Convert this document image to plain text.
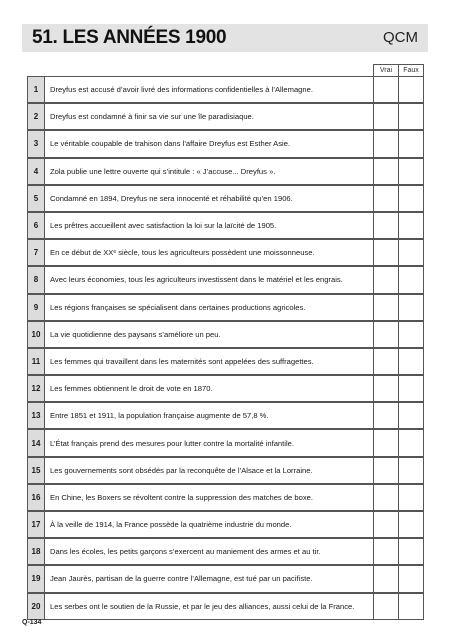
51. LES ANNÉES 1900	QCM
		Vrai	Faux
1	Dreyfus est accusé d’avoir livré des informations confidentielles à l’Allemagne.		

2	Dreyfus est condamné à finir sa vie sur une île paradisiaque.		

3	Le véritable coupable de trahison dans l’affaire Dreyfus est Esther Asie.		

4	Zola publie une lettre ouverte qui s’intitule : « J’accuse... Dreyfus ».		

5	Condamné en 1894, Dreyfus ne sera innocenté et réhabilité qu’en 1906.		

6	Les prêtres accueillent avec satisfaction la loi sur la laïcité de 1905.		

7	En ce début de XXᵉ siècle, tous les agriculteurs possèdent une moissonneuse.		

8	Avec leurs économies, tous les agriculteurs investissent dans le matériel et les engrais.		

9	Les régions françaises se spécialisent dans certaines productions agricoles.		

10	La vie quotidienne des paysans s’améliore un peu.		

11	Les femmes qui travaillent dans les maternités sont appelées des suffragettes.		

12	Les femmes obtiennent le droit de vote en 1870.		

13	Entre 1851 et 1911, la population française augmente de 57,8 %.		

14	L’État français prend des mesures pour lutter contre la mortalité infantile.		

15	Les gouvernements sont obsédés par la reconquête de l’Alsace et la Lorraine.		

16	En Chine, les Boxers se révoltent contre la suppression des matches de boxe.		

17	À la veille de 1914, la France possède la quatrième industrie du monde.		

18	Dans les écoles, les petits garçons s’exercent au maniement des armes et au tir.		

19	Jean Jaurès, partisan de la guerre contre l’Allemagne, est tué par un pacifiste.		

20	Les serbes ont le soutien de la Russie, et par le jeu des alliances, aussi celui de la France.		
Q-134
